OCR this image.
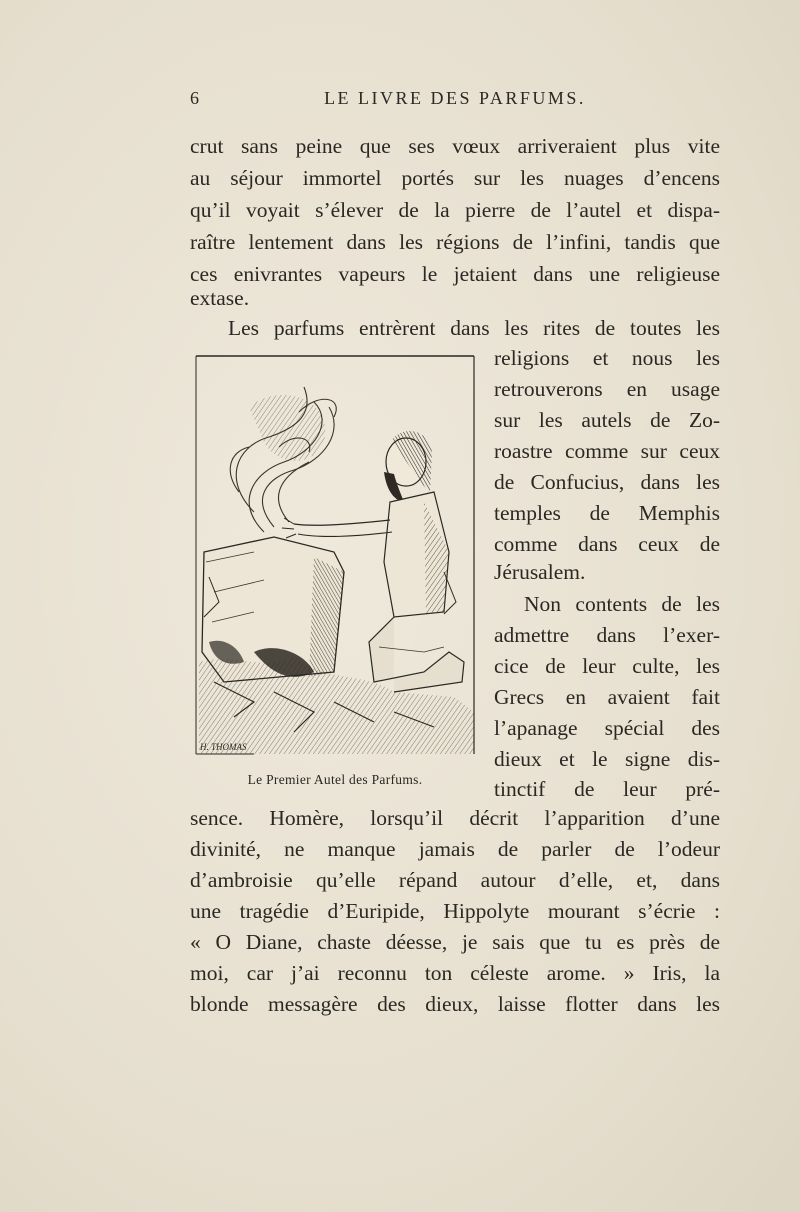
6	LE LIVRE DES PARFUMS.
crut sans peine que ses vœux arriveraient plus vite
au séjour immortel portés sur les nuages d’encens
qu’il voyait s’élever de la pierre de l’autel et dispa-
raître lentement dans les régions de l’infini, tandis que
ces enivrantes vapeurs le jetaient dans une religieuse
extase.
Les parfums entrèrent dans les rites de toutes les
religions et nous les
retrouverons en usage
sur les autels de Zo-
roastre comme sur ceux
de Confucius, dans les
temples de Memphis
comme dans ceux de
Jérusalem.
Non contents de les
admettre dans l’exer-
cice de leur culte, les
Grecs en avaient fait
l’apanage spécial des
dieux et le signe dis-
tinctif de leur pré-
sence. Homère, lorsqu’il décrit l’apparition d’une
divinité, ne manque jamais de parler de l’odeur
d’ambroisie qu’elle répand autour d’elle, et, dans
une tragédie d’Euripide, Hippolyte mourant s’écrie :
« O Diane, chaste déesse, je sais que tu es près de
moi, car j’ai reconnu ton céleste arome. » Iris, la
blonde messagère des dieux, laisse flotter dans les
H. THOMAS
Le Premier Autel des Parfums.
